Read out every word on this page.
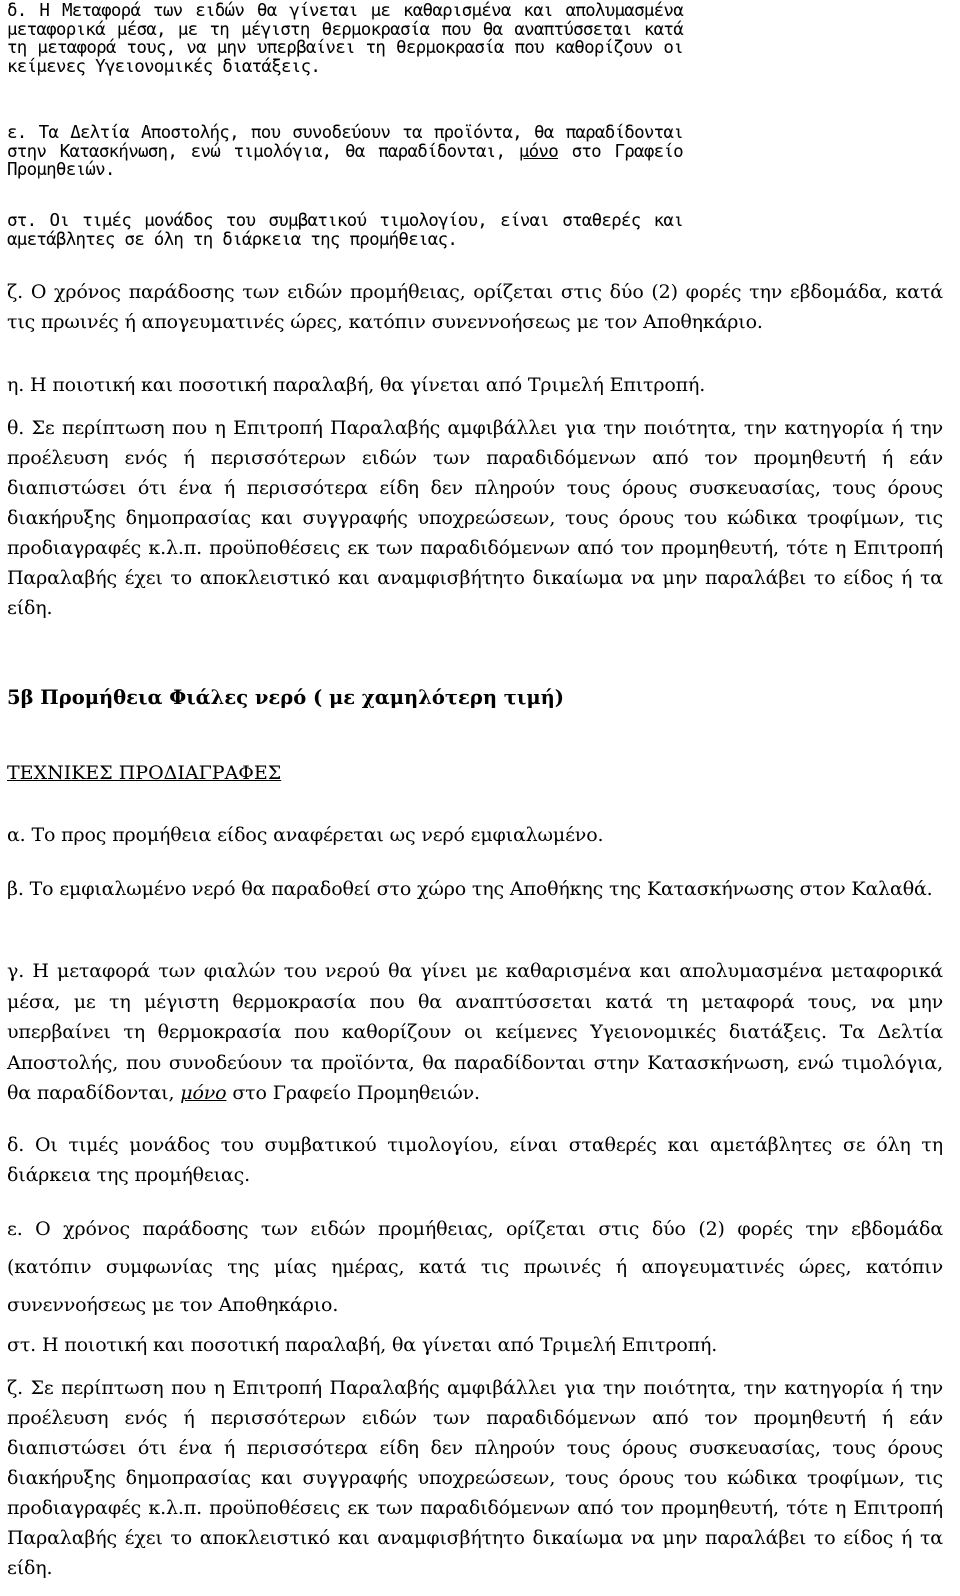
δ. Η Μεταφορά των ειδών θα γίνεται με καθαρισμένα και απολυμασμένα μεταφορικά μέσα, με τη μέγιστη θερμοκρασία που θα αναπτύσσεται κατά τη μεταφορά τους, να μην υπερβαίνει τη θερμοκρασία που καθορίζουν οι κείμενες Υγειονομικές διατάξεις.

ε. Τα Δελτία Αποστολής, που συνοδεύουν τα προϊόντα, θα παραδίδονται στην Κατασκήνωση, ενώ τιμολόγια, θα παραδίδονται, μόνο στο Γραφείο Προμηθειών.

στ. Οι τιμές μονάδος του συμβατικού τιμολογίου, είναι σταθερές και αμετάβλητες σε όλη τη διάρκεια της προμήθειας.

ζ. Ο χρόνος παράδοσης των ειδών προμήθειας, ορίζεται στις δύο (2) φορές την εβδομάδα, κατά τις πρωινές ή απογευματινές ώρες, κατόπιν συνεννοήσεως με τον Αποθηκάριο.

η. Η ποιοτική και ποσοτική παραλαβή, θα γίνεται από Τριμελή Επιτροπή.

θ. Σε περίπτωση που η Επιτροπή Παραλαβής αμφιβάλλει για την ποιότητα, την κατηγορία ή την προέλευση ενός ή περισσότερων ειδών των παραδιδόμενων από τον προμηθευτή ή εάν διαπιστώσει ότι ένα ή περισσότερα είδη δεν πληρούν τους όρους συσκευασίας, τους όρους διακήρυξης δημοπρασίας και συγγραφής υποχρεώσεων, τους όρους του κώδικα τροφίμων, τις προδιαγραφές κ.λ.π. προϋποθέσεις εκ των παραδιδόμενων από τον προμηθευτή, τότε η Επιτροπή Παραλαβής έχει το αποκλειστικό και αναμφισβήτητο δικαίωμα να μην παραλάβει το είδος ή τα είδη.

5β Προμήθεια Φιάλες νερό ( με χαμηλότερη τιμή)
ΤΕΧΝΙΚΕΣ ΠΡΟΔΙΑΓΡΑΦΕΣ

α. Το προς προμήθεια είδος αναφέρεται ως νερό εμφιαλωμένο.

β. Το εμφιαλωμένο νερό θα παραδοθεί στο χώρο της Αποθήκης της Κατασκήνωσης στον Καλαθά.

γ. Η μεταφορά των φιαλών του νερού θα γίνει με καθαρισμένα και απολυμασμένα μεταφορικά μέσα, με τη μέγιστη θερμοκρασία που θα αναπτύσσεται κατά τη μεταφορά τους, να μην υπερβαίνει τη θερμοκρασία που καθορίζουν οι κείμενες Υγειονομικές διατάξεις. Τα Δελτία Αποστολής, που συνοδεύουν τα προϊόντα, θα παραδίδονται στην Κατασκήνωση, ενώ τιμολόγια, θα παραδίδονται, μόνο στο Γραφείο Προμηθειών.

δ. Οι τιμές μονάδος του συμβατικού τιμολογίου, είναι σταθερές και αμετάβλητες σε όλη τη διάρκεια της προμήθειας.

ε. Ο χρόνος παράδοσης των ειδών προμήθειας, ορίζεται στις δύο (2) φορές την εβδομάδα (κατόπιν συμφωνίας της μίας ημέρας, κατά τις πρωινές ή απογευματινές ώρες, κατόπιν συνεννοήσεως με τον Αποθηκάριο.

στ. Η ποιοτική και ποσοτική παραλαβή, θα γίνεται από Τριμελή Επιτροπή.

ζ. Σε περίπτωση που η Επιτροπή Παραλαβής αμφιβάλλει για την ποιότητα, την κατηγορία ή την προέλευση ενός ή περισσότερων ειδών των παραδιδόμενων από τον προμηθευτή ή εάν διαπιστώσει ότι ένα ή περισσότερα είδη δεν πληρούν τους όρους συσκευασίας, τους όρους διακήρυξης δημοπρασίας και συγγραφής υποχρεώσεων, τους όρους του κώδικα τροφίμων, τις προδιαγραφές κ.λ.π. προϋποθέσεις εκ των παραδιδόμενων από τον προμηθευτή, τότε η Επιτροπή Παραλαβής έχει το αποκλειστικό και αναμφισβήτητο δικαίωμα να μην παραλάβει το είδος ή τα είδη.
